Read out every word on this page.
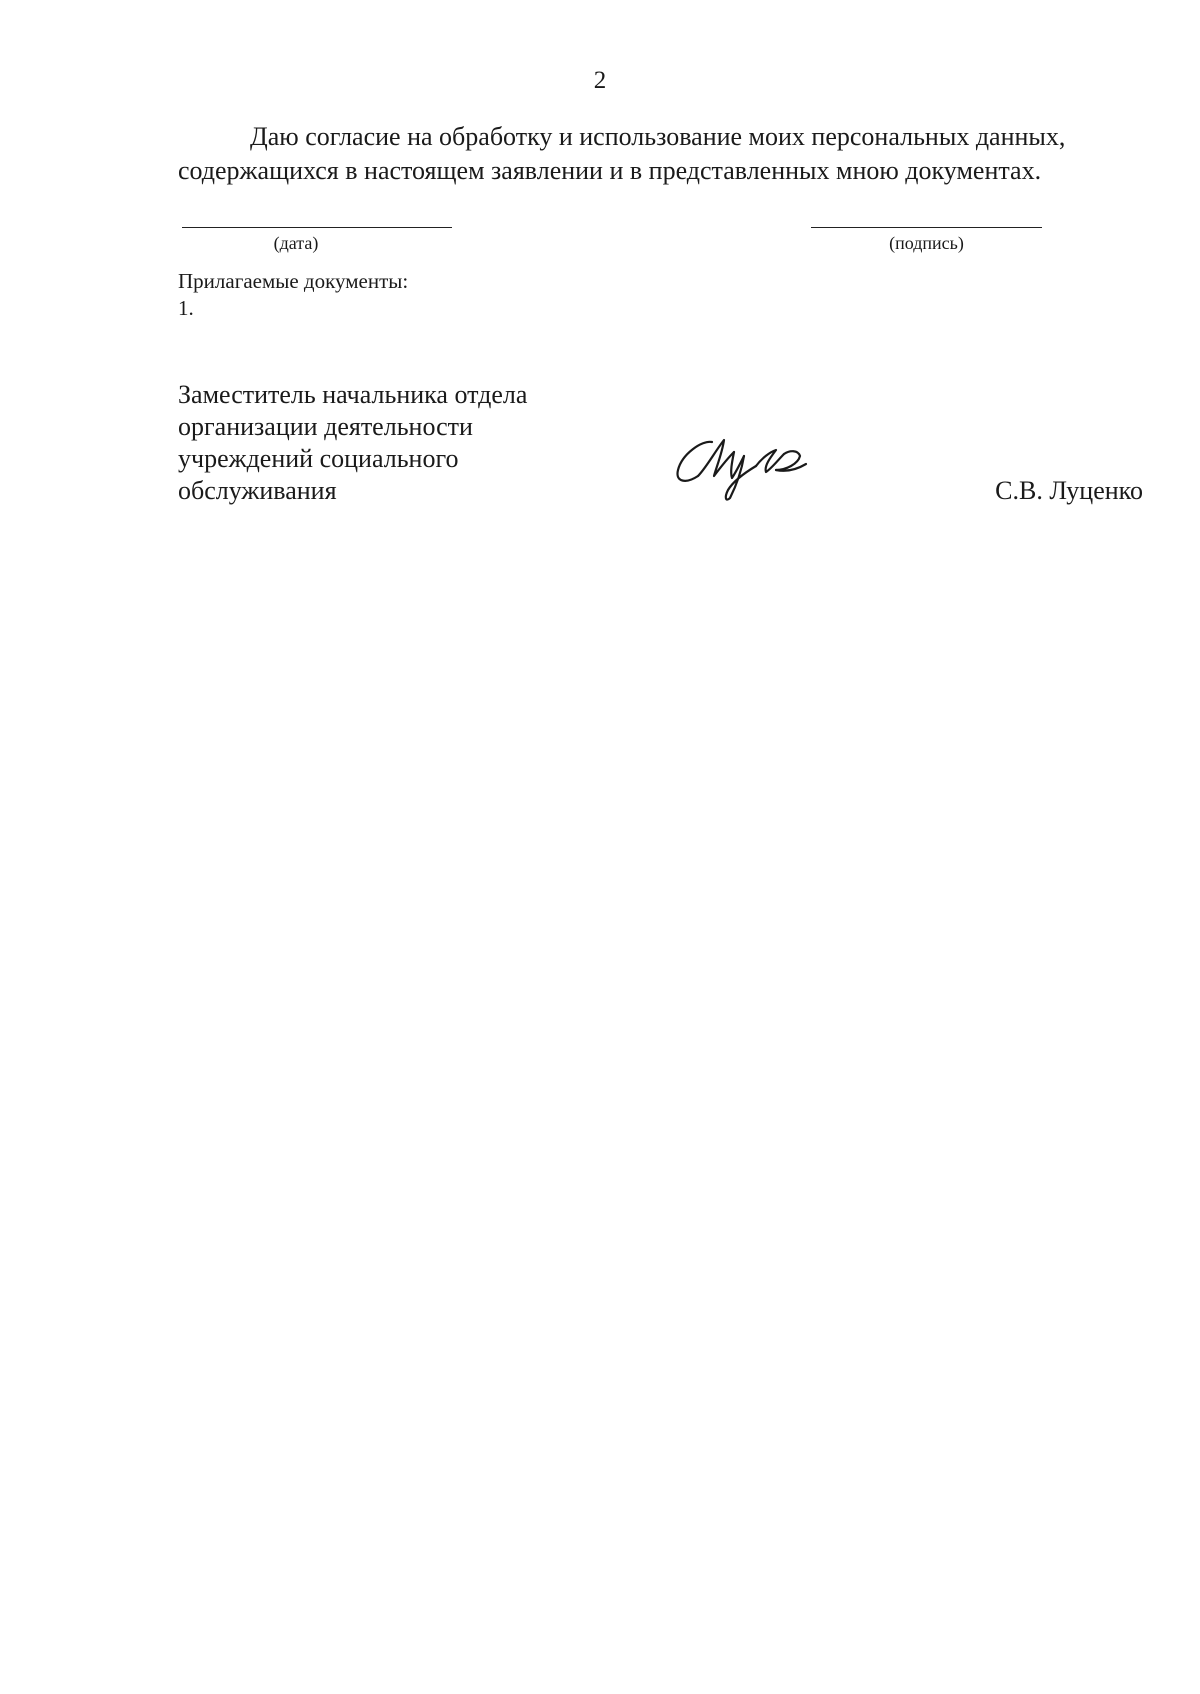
2

Даю согласие на обработку и использование моих персональных данных,
содержащихся в настоящем заявлении и в представленных мною документах.

(дата)	(подпись)
Прилагаемые документы:
1.
Заместитель начальника отдела
организации деятельности
учреждений социального
обслуживания	С.В. Луценко
